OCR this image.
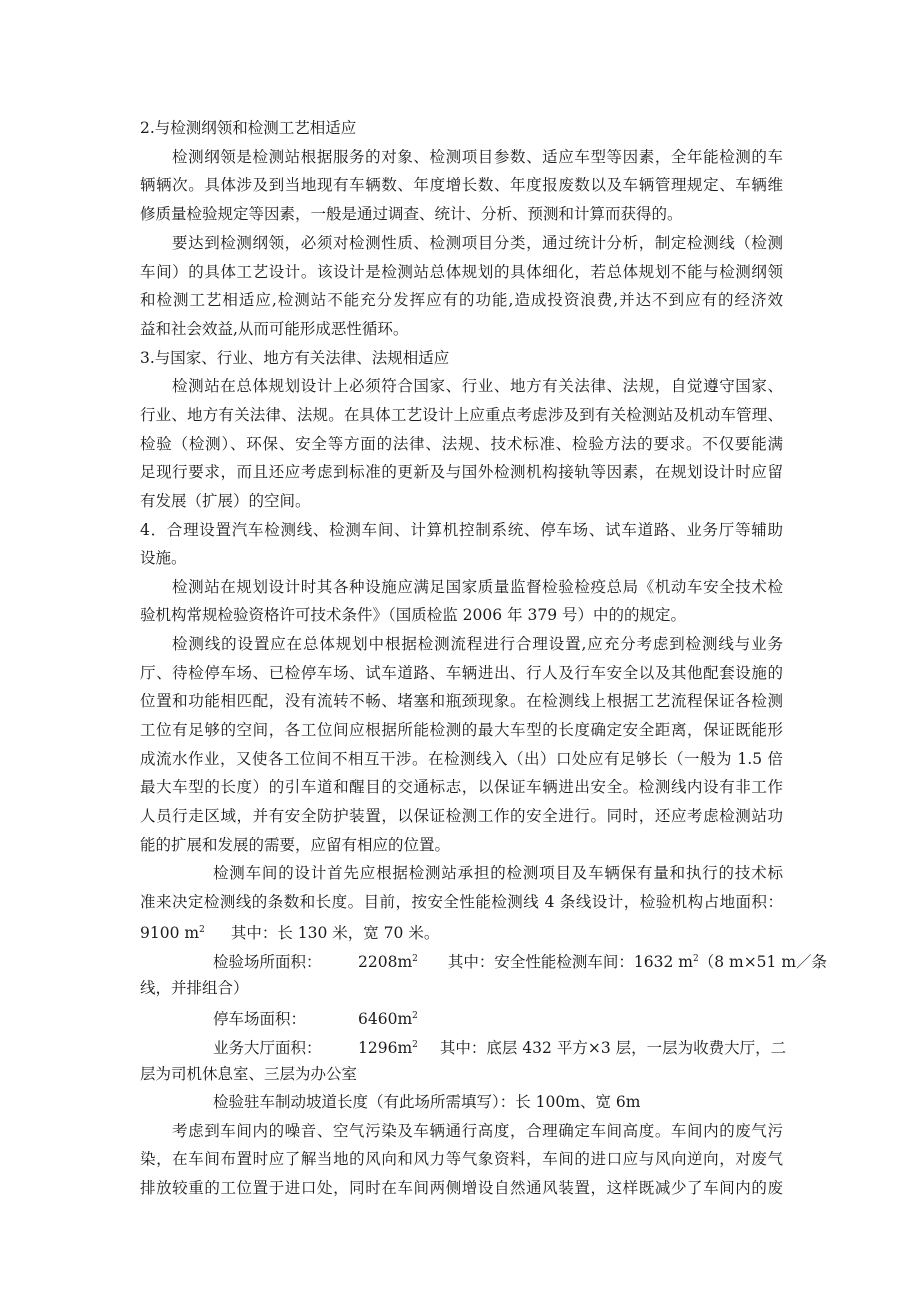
2.与检测纲领和检测工艺相适应
检测纲领是检测站根据服务的对象、检测项目参数、适应车型等因素，全年能检测的车
辆辆次。具体涉及到当地现有车辆数、年度增长数、年度报废数以及车辆管理规定、车辆维
修质量检验规定等因素，一般是通过调查、统计、分析、预测和计算而获得的。
要达到检测纲领，必须对检测性质、检测项目分类，通过统计分析，制定检测线（检测
车间）的具体工艺设计。该设计是检测站总体规划的具体细化，若总体规划不能与检测纲领
和检测工艺相适应,检测站不能充分发挥应有的功能,造成投资浪费,并达不到应有的经济效
益和社会效益,从而可能形成恶性循环。
3.与国家、行业、地方有关法律、法规相适应
检测站在总体规划设计上必须符合国家、行业、地方有关法律、法规，自觉遵守国家、
行业、地方有关法律、法规。在具体工艺设计上应重点考虑涉及到有关检测站及机动车管理、
检验（检测）、环保、安全等方面的法律、法规、技术标准、检验方法的要求。不仅要能满
足现行要求，而且还应考虑到标准的更新及与国外检测机构接轨等因素，在规划设计时应留
有发展（扩展）的空间。
4．合理设置汽车检测线、检测车间、计算机控制系统、停车场、试车道路、业务厅等辅助
设施。
检测站在规划设计时其各种设施应满足国家质量监督检验检疫总局《机动车安全技术检
验机构常规检验资格许可技术条件》（国质检监 2006 年 379 号）中的的规定。
检测线的设置应在总体规划中根据检测流程进行合理设置,应充分考虑到检测线与业务
厅、待检停车场、已检停车场、试车道路、车辆进出、行人及行车安全以及其他配套设施的
位置和功能相匹配，没有流转不畅、堵塞和瓶颈现象。在检测线上根据工艺流程保证各检测
工位有足够的空间，各工位间应根据所能检测的最大车型的长度确定安全距离，保证既能形
成流水作业，又使各工位间不相互干涉。在检测线入（出）口处应有足够长（一般为 1.5 倍
最大车型的长度）的引车道和醒目的交通标志，以保证车辆进出安全。检测线内设有非工作
人员行走区域，并有安全防护装置，以保证检测工作的安全进行。同时，还应考虑检测站功
能的扩展和发展的需要，应留有相应的位置。
检测车间的设计首先应根据检测站承担的检测项目及车辆保有量和执行的技术标
准来决定检测线的条数和长度。目前，按安全性能检测线 4 条线设计，检验机构占地面积：
9100 $m^2$ 其中：长 130 米，宽 70 米。
检验场所面积： $2208m^2$ 其中：安全性能检测车间：1632 $m^2(8$ m×51 m／条
线，并排组合）
停车场面积：	$6460m^2$
业务大厅面积： $1296m^2$ 其中：底层 432 平方×3 层，一层为收费大厅，二
层为司机休息室、三层为办公室
检验驻车制动坡道长度（有此场所需填写）：长 100m、宽 6m
考虑到车间内的噪音、空气污染及车辆通行高度，合理确定车间高度。车间内的废气污
染，在车间布置时应了解当地的风向和风力等气象资料，车间的进口应与风向逆向，对废气
排放较重的工位置于进口处，同时在车间两侧增设自然通风装置，这样既减少了车间内的废
